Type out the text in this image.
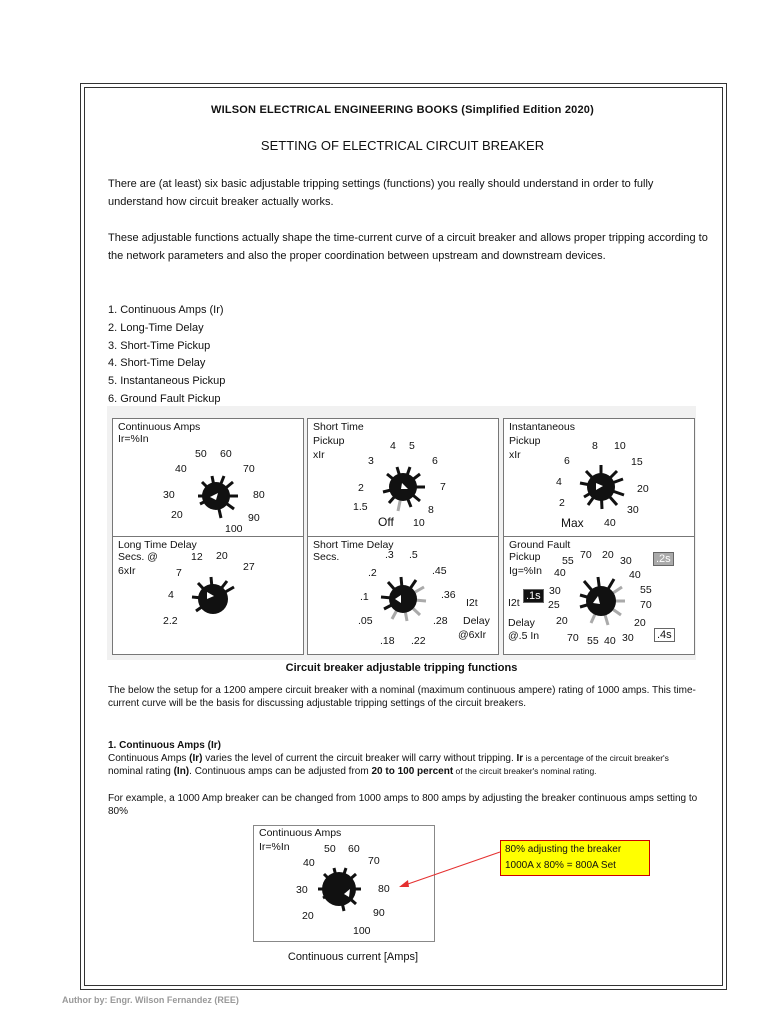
WILSON ELECTRICAL ENGINEERING BOOKS (Simplified Edition 2020)
SETTING OF ELECTRICAL CIRCUIT BREAKER
There are (at least) six basic adjustable tripping settings (functions) you really should understand in order to fully understand how circuit breaker actually works.
These adjustable functions actually shape the time-current curve of a circuit breaker and allows proper tripping according to the network parameters and also the proper coordination between upstream and downstream devices.
1. Continuous Amps (Ir)
2. Long-Time Delay
3. Short-Time Pickup
4. Short-Time Delay
5. Instantaneous Pickup
6. Ground Fault Pickup
Continuous Amps
Ir=%In
20
30
40
50 60
70
80
90
100
Short Time
Pickup
xIr
Off
1.5
2
3
4 5
6
7
8
10
Instantaneous
Pickup
xIr
2
4
6
8 10
15
20
30
40
Max
Long Time Delay
Secs. @
6xIr
2.2
4
7
12 20
27
Short Time Delay
Secs.
.05
.1
.2
.3 .5
.45
.36
.28
.22
.18
I2t
Delay
@6xIr
Ground Fault
Pickup
Ig=%In 40
55 70 20 30 .2s
I2t
.1s 30
25
20
70 55 40 30
40
55
70
20
Delay
@.5 In	.4s
Circuit breaker adjustable tripping functions
The below the setup for a 1200 ampere circuit breaker with a nominal (maximum continuous ampere) rating of 1000 amps. This time-current curve will be the basis for discussing adjustable tripping settings of the circuit breakers.
1. Continuous Amps (Ir)
Continuous Amps (Ir) varies the level of current the circuit breaker will carry without tripping. Ir is a percentage of the circuit breaker's
nominal rating (In). Continuous amps can be adjusted from 20 to 100 percent of the circuit breaker's nominal rating.
For example, a 1000 Amp breaker can be changed from 1000 amps to 800 amps by adjusting the breaker continuous amps setting to 80%
Continuous Amps
Ir=%In
20
30
40
50 60
70
80
90
100
80% adjusting the breaker
1000A x 80% = 800A Set
Continuous current [Amps]
Author by: Engr. Wilson Fernandez (REE)
